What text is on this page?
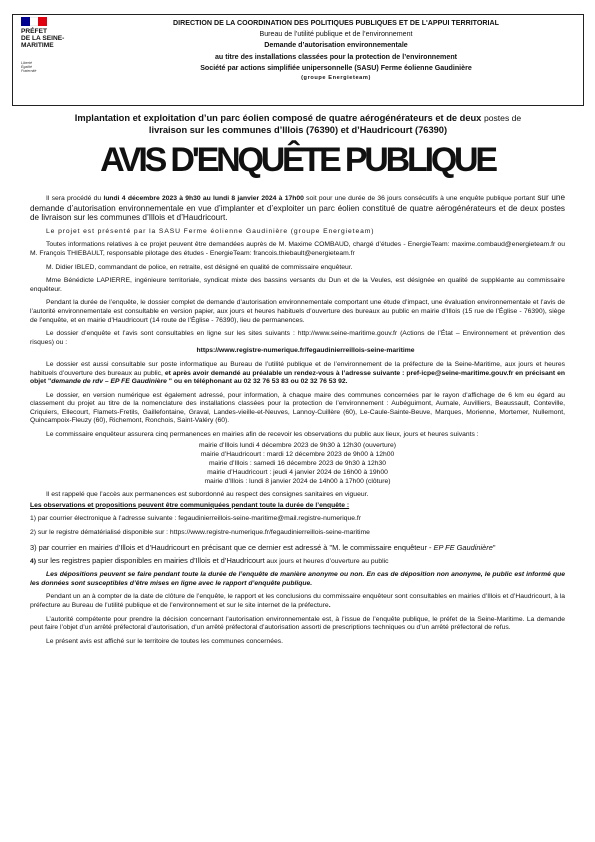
PRÉFET
DE LA SEINE-
MARITIME
Liberté
Égalité
Fraternité
DIRECTION DE LA COORDINATION DES POLITIQUES PUBLIQUES ET DE L'APPUI TERRITORIAL
Bureau de l’utilité publique et de l’environnement
Demande d’autorisation environnementale
au titre des installations classées pour la protection de l’environnement
Société par actions simplifiée unipersonnelle (SASU) Ferme éolienne Gaudinière
(groupe Energieteam)
Implantation et exploitation d’un parc éolien composé de quatre aérogénérateurs et de deux postes de
livraison sur les communes d’Illois (76390) et d’Haudricourt (76390)
AVIS D'ENQUÊTE PUBLIQUE

Il sera procédé du lundi 4 décembre 2023 à 9h30 au lundi 8 janvier 2024 à 17h00 soit pour une durée de 36 jours consécutifs à une enquête publique portant sur une demande d’autorisation environnementale en vue d’implanter et d’exploiter un parc éolien constitué de quatre aérogénérateurs et de deux postes de livraison sur les communes d’Illois et d’Haudricourt.

Le projet est présenté par la SASU Ferme éolienne Gaudinière (groupe Energieteam)

Toutes informations relatives à ce projet peuvent être demandées auprès de M. Maxime COMBAUD, chargé d’études - EnergieTeam: maxime.combaud@energieteam.fr ou M. François THIEBAULT, responsable pilotage des études - EnergieTeam: francois.thiebault@energieteam.fr

M. Didier IBLED, commandant de police, en retraite, est désigné en qualité de commissaire enquêteur.

Mme Bénédicte LAPIERRE, ingénieure territoriale, syndicat mixte des bassins versants du Dun et de la Veules, est désignée en qualité de suppléante au commissaire enquêteur.

Pendant la durée de l’enquête, le dossier complet de demande d’autorisation environnementale comportant une étude d’impact, une évaluation environnementale et l’avis de l’autorité environnementale est consultable en version papier, aux jours et heures habituels d’ouverture des bureaux au public en mairie d’Illois (15 rue de l’Église - 76390), siège de l’enquête, et en mairie d’Haudricourt (14 route de l’Église - 76390), lieu de permanences.

Le dossier d’enquête et l’avis sont consultables en ligne sur les sites suivants : http://www.seine-maritime.gouv.fr (Actions de l’État – Environnement et prévention des risques) ou :

https://www.registre-numerique.fr/fegaudinierreillois-seine-maritime

Le dossier est aussi consultable sur poste informatique au Bureau de l’utilité publique et de l’environnement de la préfecture de la Seine-Maritime, aux jours et heures habituels d’ouverture des bureaux au public, et après avoir demandé au préalable un rendez-vous à l’adresse suivante : pref-icpe@seine-maritime.gouv.fr en précisant en objet "demande de rdv – EP FE Gaudinière " ou en téléphonant au 02 32 76 53 83 ou 02 32 76 53 92.

Le dossier, en version numérique est également adressé, pour information, à chaque maire des communes concernées par le rayon d’affichage de 6 km eu égard au classement du projet au titre de la nomenclature des installations classées pour la protection de l’environnement : Aubéguimont, Aumale, Auvilliers, Beaussault, Conteville, Criquiers, Ellecourt, Flamets-Fretils, Gaillefontaine, Graval, Landes-vieille-et-Neuves, Lannoy-Cuillère (60), Le-Caule-Sainte-Beuve, Marques, Morienne, Mortemer, Nullemont, Quincampoix-Fleuzy (60), Richemont, Ronchois, Saint-Valéry (60).

Le commissaire enquêteur assurera cinq permanences en mairies afin de recevoir les observations du public aux lieux, jours et heures suivants :

mairie d’Illois lundi 4 décembre 2023 de 9h30 à 12h30 (ouverture)
mairie d’Haudricourt : mardi 12 décembre 2023 de 9h00 à 12h00
mairie d’Illois : samedi 16 décembre 2023 de 9h30 à 12h30
mairie d’Haudricourt : jeudi 4 janvier 2024 de 16h00 à 19h00
mairie d’Illois : lundi 8 janvier 2024 de 14h00 à 17h00 (clôture)

Il est rappelé que l’accès aux permanences est subordonné au respect des consignes sanitaires en vigueur.

Les observations et propositions peuvent être communiquées pendant toute la durée de l’enquête :

1) par courrier électronique à l’adresse suivante : fegaudinierreillois-seine-maritime@mail.registre-numerique.fr

2) sur le registre dématérialisé disponible sur : https://www.registre-numerique.fr/fegaudinierreillois-seine-maritime

3) par courrier en mairies d’Illois et d’Haudricourt en précisant que ce dernier est adressé à "M. le commissaire enquêteur - EP FE Gaudinière"

4) sur les registres papier disponibles en mairies d’Illois et d’Haudricourt aux jours et heures d’ouverture au public

Les dépositions peuvent se faire pendant toute la durée de l’enquête de manière anonyme ou non. En cas de déposition non anonyme, le public est informé que les données sont susceptibles d’être mises en ligne avec le rapport d’enquête publique.

Pendant un an à compter de la date de clôture de l’enquête, le rapport et les conclusions du commissaire enquêteur sont consultables en mairies d’Illois et d’Haudricourt, à la préfecture au Bureau de l’utilité publique et de l’environnement et sur le site internet de la préfecture.

L’autorité compétente pour prendre la décision concernant l’autorisation environnementale est, à l’issue de l’enquête publique, le préfet de la Seine-Maritime. La demande peut faire l’objet d’un arrêté préfectoral d’autorisation, d’un arrêté préfectoral d’autorisation assorti de prescriptions techniques ou d’un arrêté préfectoral de refus.

Le présent avis est affiché sur le territoire de toutes les communes concernées.
